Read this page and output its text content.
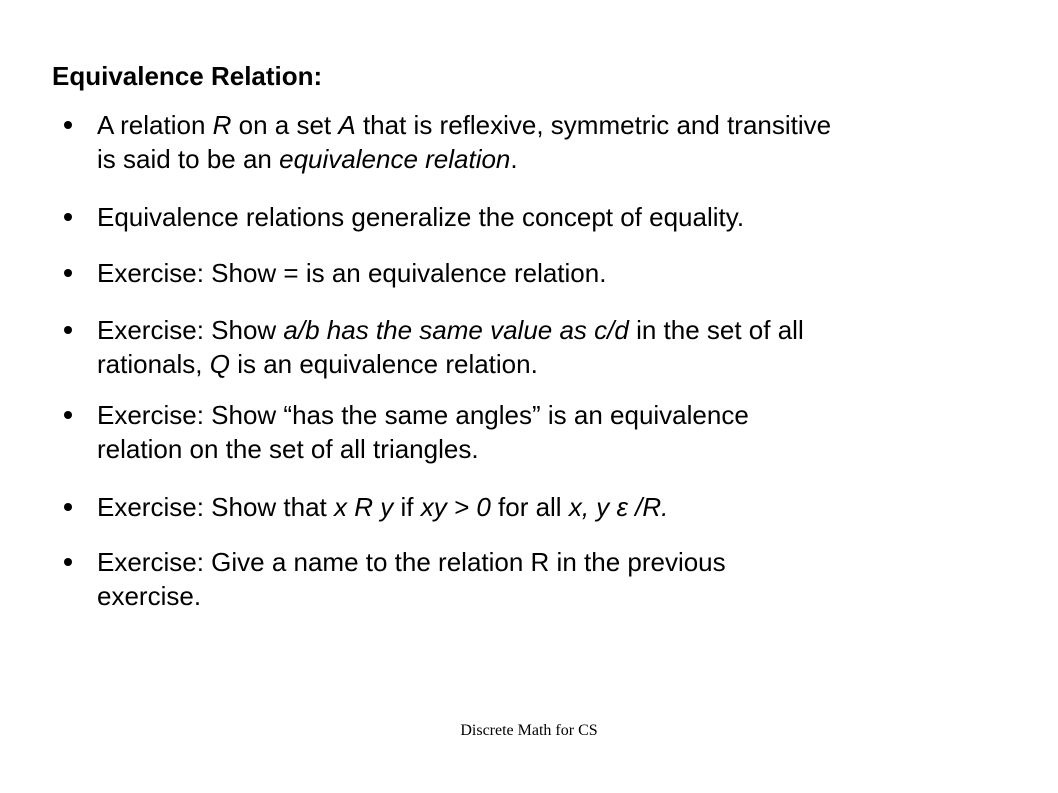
Equivalence Relation:
A relation R on a set A that is reflexive, symmetric and transitive
is said to be an equivalence relation.
Equivalence relations generalize the concept of equality.
Exercise: Show = is an equivalence relation.
Exercise: Show a/b has the same value as c/d in the set of all
rationals, Q is an equivalence relation.
Exercise: Show “has the same angles” is an equivalence
relation on the set of all triangles.
Exercise: Show that x R y if xy > 0 for all x, y ε /R.
Exercise: Give a name to the relation R in the previous
exercise.
Discrete Math for CS
